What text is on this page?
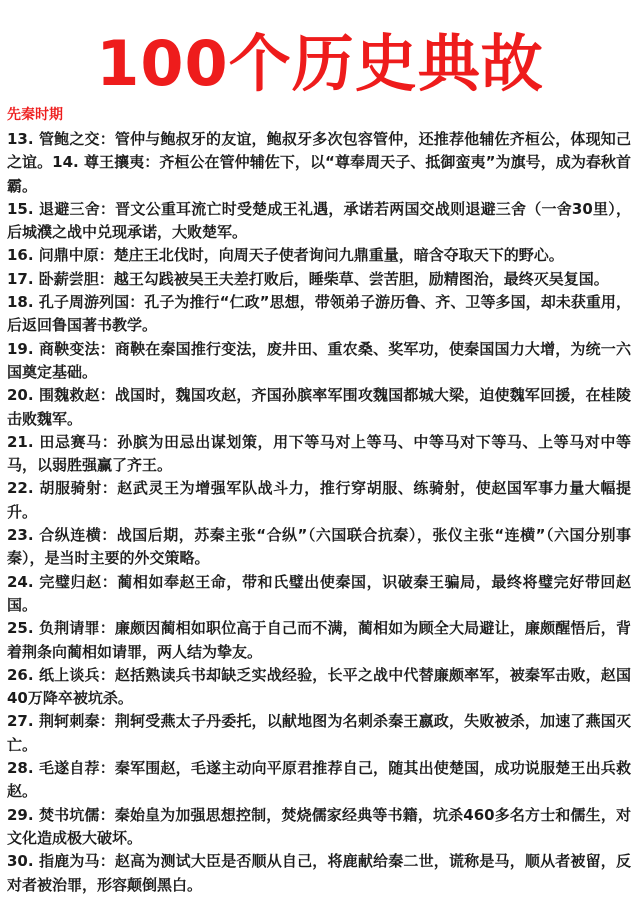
100个历史典故

先秦时期

13. 管鲍之交：管仲与鲍叔牙的友谊，鲍叔牙多次包容管仲，还推荐他辅佐齐桓公，体现知己之谊。14. 尊王攘夷：齐桓公在管仲辅佐下，以“尊奉周天子、抵御蛮夷”为旗号，成为春秋首霸。
15. 退避三舍：晋文公重耳流亡时受楚成王礼遇，承诺若两国交战则退避三舍（一舍30里），后城濮之战中兑现承诺，大败楚军。
16. 问鼎中原：楚庄王北伐时，向周天子使者询问九鼎重量，暗含夺取天下的野心。
17. 卧薪尝胆：越王勾践被吴王夫差打败后，睡柴草、尝苦胆，励精图治，最终灭吴复国。
18. 孔子周游列国：孔子为推行“仁政”思想，带领弟子游历鲁、齐、卫等多国，却未获重用，后返回鲁国著书教学。
19. 商鞅变法：商鞅在秦国推行变法，废井田、重农桑、奖军功，使秦国国力大增，为统一六国奠定基础。
20. 围魏救赵：战国时，魏国攻赵，齐国孙膑率军围攻魏国都城大梁，迫使魏军回援，在桂陵击败魏军。
21. 田忌赛马：孙膑为田忌出谋划策，用下等马对上等马、中等马对下等马、上等马对中等马，以弱胜强赢了齐王。
22. 胡服骑射：赵武灵王为增强军队战斗力，推行穿胡服、练骑射，使赵国军事力量大幅提升。
23. 合纵连横：战国后期，苏秦主张“合纵”（六国联合抗秦），张仪主张“连横”（六国分别事秦），是当时主要的外交策略。
24. 完璧归赵：蔺相如奉赵王命，带和氏璧出使秦国，识破秦王骗局，最终将璧完好带回赵国。
25. 负荆请罪：廉颇因蔺相如职位高于自己而不满，蔺相如为顾全大局避让，廉颇醒悟后，背着荆条向蔺相如请罪，两人结为挚友。
26. 纸上谈兵：赵括熟读兵书却缺乏实战经验，长平之战中代替廉颇率军，被秦军击败，赵国40万降卒被坑杀。
27. 荆轲刺秦：荆轲受燕太子丹委托，以献地图为名刺杀秦王嬴政，失败被杀，加速了燕国灭亡。
28. 毛遂自荐：秦军围赵，毛遂主动向平原君推荐自己，随其出使楚国，成功说服楚王出兵救赵。
29. 焚书坑儒：秦始皇为加强思想控制，焚烧儒家经典等书籍，坑杀460多名方士和儒生，对文化造成极大破坏。
30. 指鹿为马：赵高为测试大臣是否顺从自己，将鹿献给秦二世，谎称是马，顺从者被留，反对者被治罪，形容颠倒黑白。
